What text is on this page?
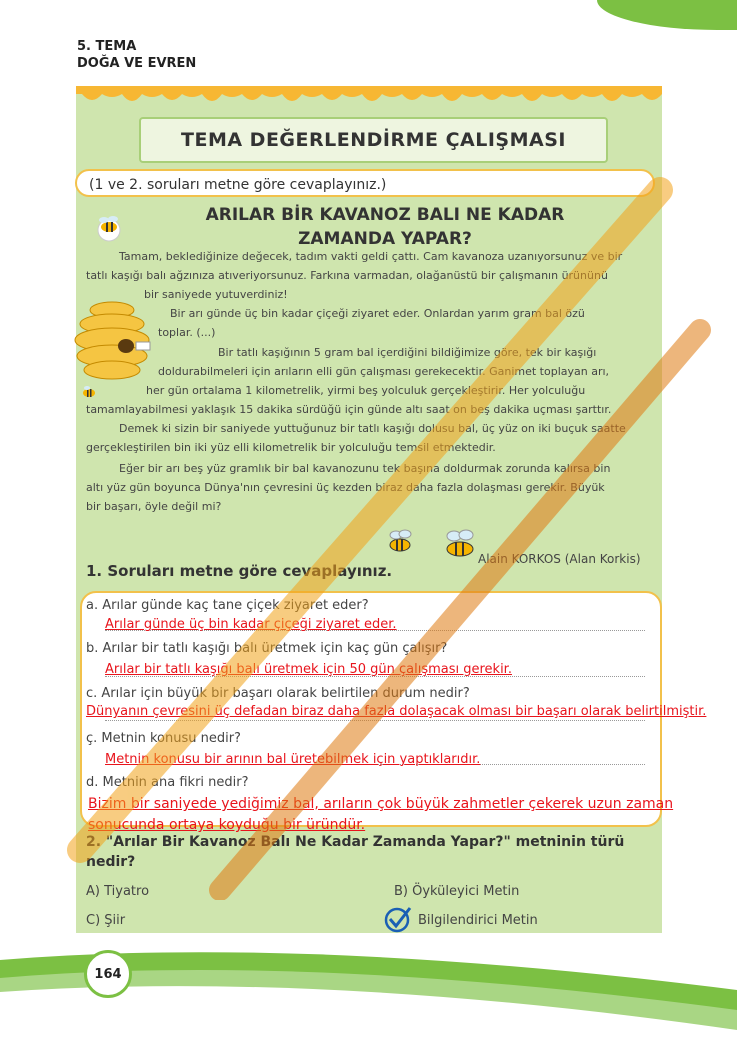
5. TEMA
DOĞA VE EVREN
TEMA DEĞERLENDİRME ÇALIŞMASI
(1 ve 2. soruları metne göre cevaplayınız.)
ARILAR BİR KAVANOZ BALI NE KADAR
ZAMANDA YAPAR?
Tamam, beklediğinize değecek, tadım vakti geldi çattı. Cam kavanoza uzanıyorsunuz ve bir
tatlı kaşığı balı ağzınıza atıveriyorsunuz. Farkına varmadan, olağanüstü bir çalışmanın ürününü
bir saniyede yutuverdiniz!
Bir arı günde üç bin kadar çiçeği ziyaret eder. Onlardan yarım gram bal özü
toplar. (...)
Bir tatlı kaşığının 5 gram bal içerdiğini bildiğimize göre, tek bir kaşığı
doldurabilmeleri için arıların elli gün çalışması gerekecektir. Ganimet toplayan arı,
her gün ortalama 1 kilometrelik, yirmi beş yolculuk gerçekleştirir. Her yolculuğu
tamamlayabilmesi yaklaşık 15 dakika sürdüğü için günde altı saat on beş dakika uçması şarttır.
Demek ki sizin bir saniyede yuttuğunuz bir tatlı kaşığı dolusu bal, üç yüz on iki buçuk saatte
gerçekleştirilen bin iki yüz elli kilometrelik bir yolculuğu temsil etmektedir.
Eğer bir arı beş yüz gramlık bir bal kavanozunu tek başına doldurmak zorunda kalırsa bin
altı yüz gün boyunca Dünya'nın çevresini üç kezden biraz daha fazla dolaşması gerekir. Büyük
bir başarı, öyle değil mi?
Alain KORKOS (Alan Korkis)
1. Soruları metne göre cevaplayınız.
a. Arılar günde kaç tane çiçek ziyaret eder?
Arılar günde üç bin kadar çiçeği ziyaret eder.
b. Arılar bir tatlı kaşığı balı üretmek için kaç gün çalışır?
Arılar bir tatlı kaşığı balı üretmek için 50 gün çalışması gerekir.
c. Arılar için büyük bir başarı olarak belirtilen durum nedir?
Dünyanın çevresini üç defadan biraz daha fazla dolaşacak olması bir başarı olarak belirtilmiştir.
ç. Metnin konusu nedir?
Metnin konusu bir arının bal üretebilmek için yaptıklarıdır.
d. Metnin ana fikri nedir?
Bizim bir saniyede yediğimiz bal, arıların çok büyük zahmetler çekerek uzun zaman
sonucunda ortaya koyduğu bir üründür.
2. "Arılar Bir Kavanoz Balı Ne Kadar Zamanda Yapar?" metninin türü
nedir?
A) Tiyatro	B) Öyküleyici Metin
C) Şiir	Bilgilendirici Metin
164
